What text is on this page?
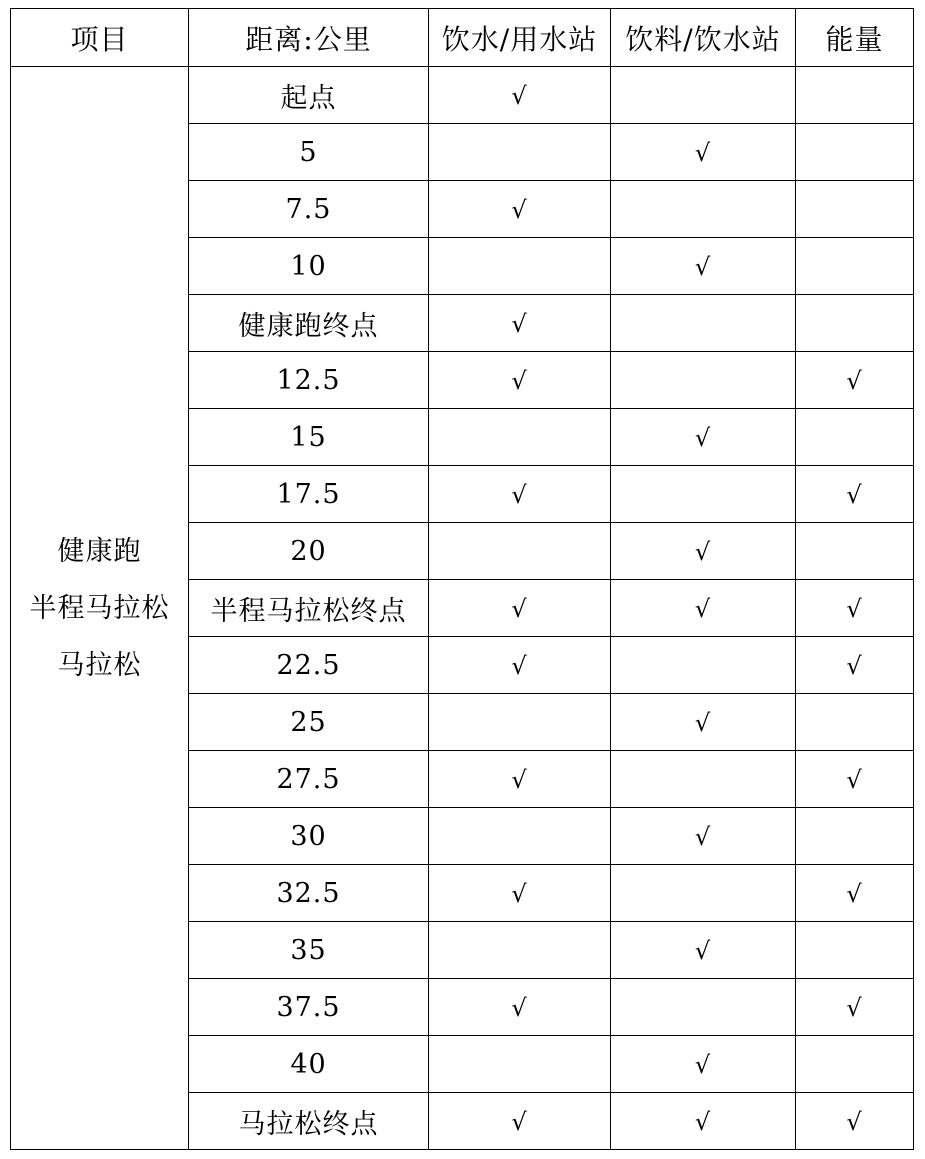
项目	距离:公里	饮水/用水站	饮料/饮水站	能量

健康跑
半程马拉松
马拉松	起点	√		
	5		√	
	7.5	√		
	10		√	
	健康跑终点	√		
	12.5	√		√
	15		√	
	17.5	√		√
	20		√	
	半程马拉松终点	√	√	√
	22.5	√		√
	25		√	
	27.5	√		√
	30		√	
	32.5	√		√
	35		√	
	37.5	√		√
	40		√	
	马拉松终点	√	√	√
